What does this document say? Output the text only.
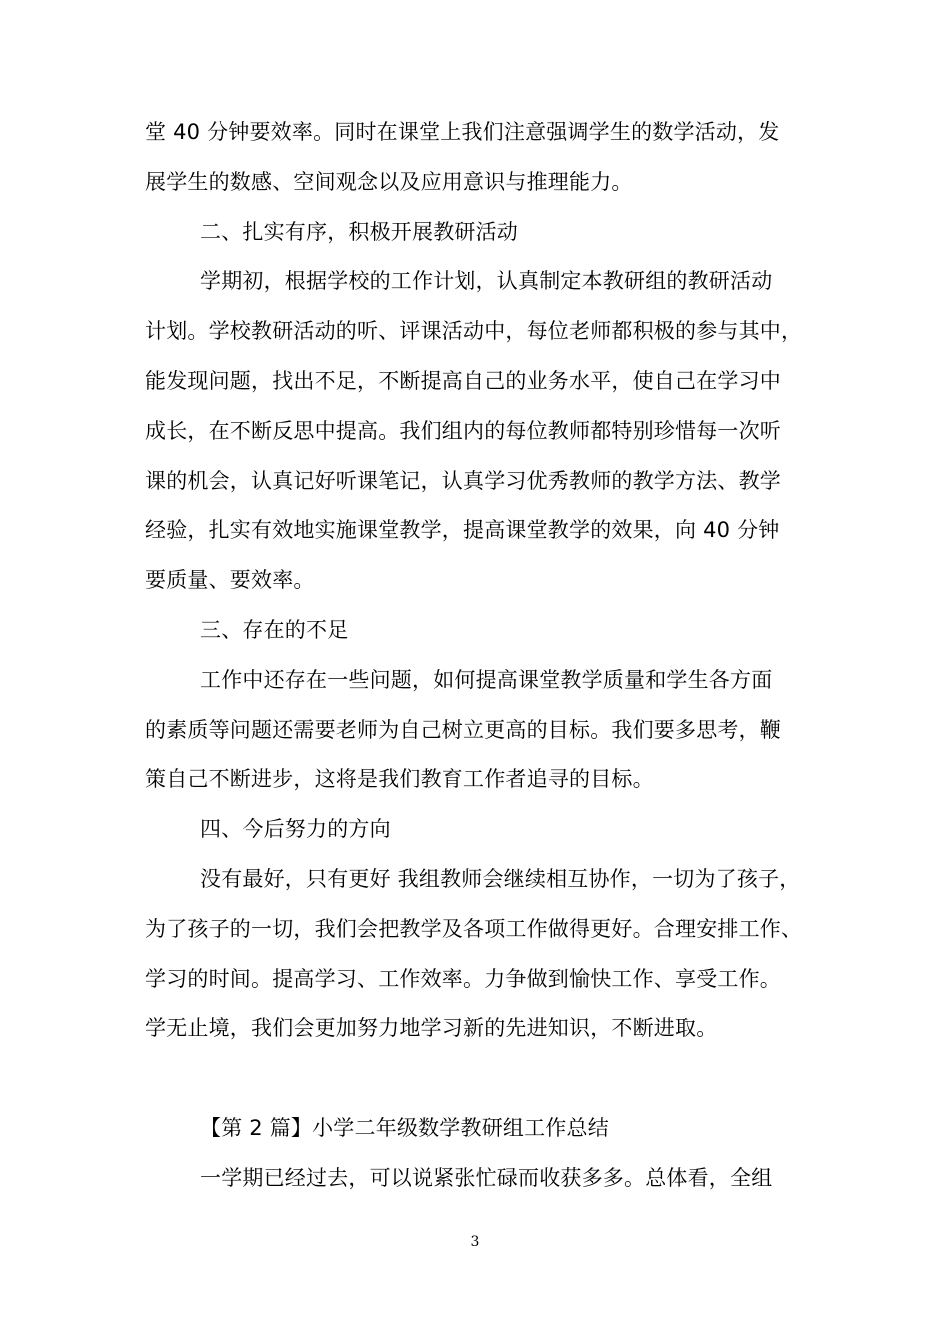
堂 40 分钟要效率。同时在课堂上我们注意强调学生的数学活动，发
展学生的数感、空间观念以及应用意识与推理能力。
二、扎实有序，积极开展教研活动
学期初，根据学校的工作计划，认真制定本教研组的教研活动
计划。学校教研活动的听、评课活动中，每位老师都积极的参与其中，
能发现问题，找出不足，不断提高自己的业务水平，使自己在学习中
成长，在不断反思中提高。我们组内的每位教师都特别珍惜每一次听
课的机会，认真记好听课笔记，认真学习优秀教师的教学方法、教学
经验，扎实有效地实施课堂教学，提高课堂教学的效果，向 40 分钟
要质量、要效率。
三、存在的不足
工作中还存在一些问题，如何提高课堂教学质量和学生各方面
的素质等问题还需要老师为自己树立更高的目标。我们要多思考，鞭
策自己不断进步，这将是我们教育工作者追寻的目标。
四、今后努力的方向
没有最好，只有更好 我组教师会继续相互协作，一切为了孩子，
为了孩子的一切，我们会把教学及各项工作做得更好。合理安排工作、
学习的时间。提高学习、工作效率。力争做到愉快工作、享受工作。
学无止境，我们会更加努力地学习新的先进知识，不断进取。
【第 2 篇】小学二年级数学教研组工作总结
一学期已经过去，可以说紧张忙碌而收获多多。总体看，全组
3
